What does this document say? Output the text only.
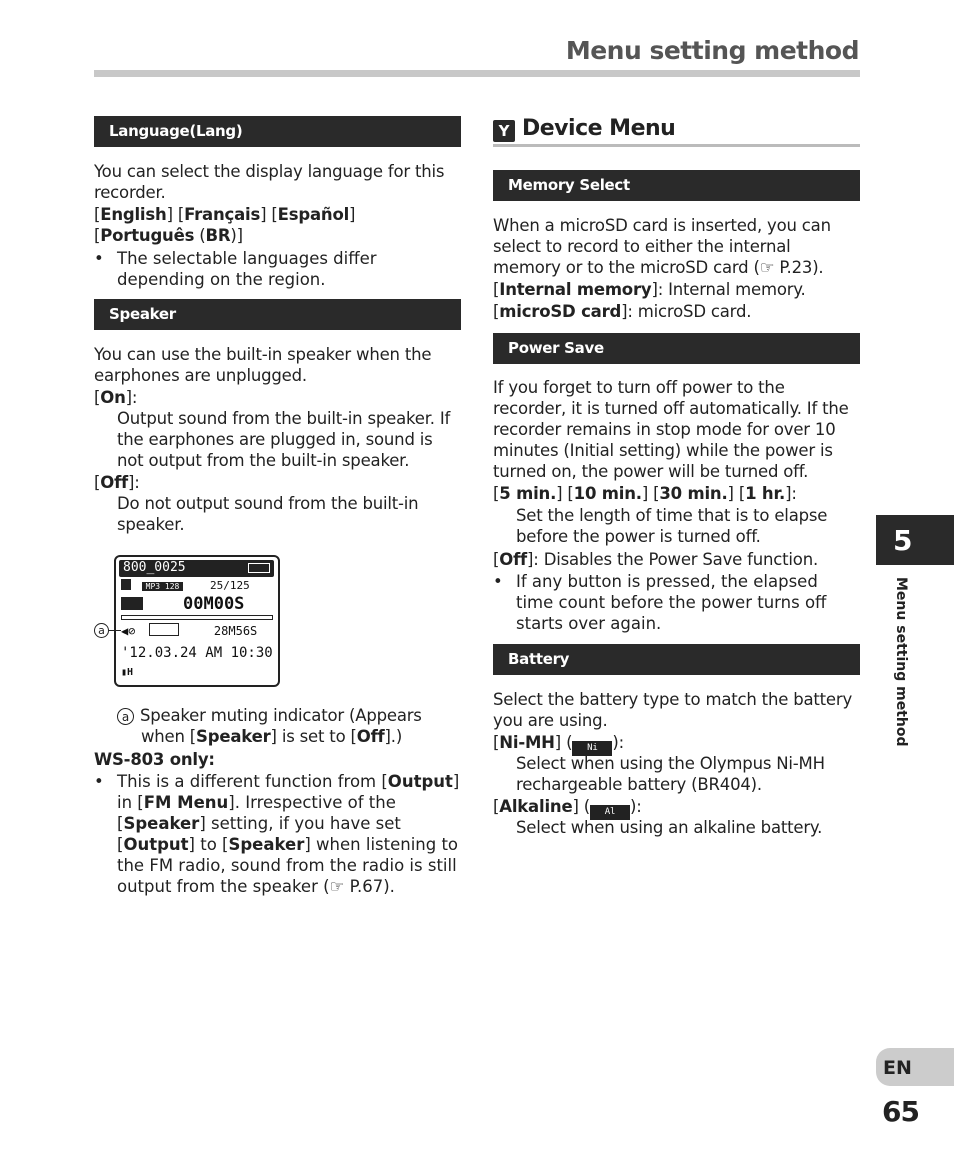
Menu setting method
Language(Lang)
You can select the display language for this recorder.
[English] [Français] [Español]
[Português (BR)]
• The selectable languages differ depending on the region.
Speaker
You can use the built-in speaker when the earphones are unplugged.
[On]:
Output sound from the built-in speaker. If the earphones are plugged in, sound is not output from the built-in speaker.
[Off]:
Do not output sound from the built-in speaker.
800_0025
MP3 128	25/125
00M00S
◀⊘	28M56S
'12.03.24 AM 10:30
▮H
a
a Speaker muting indicator (Appears when [Speaker] is set to [Off].)
WS-803 only:
• This is a different function from [Output] in [FM Menu]. Irrespective of the [Speaker] setting, if you have set [Output] to [Speaker] when listening to the FM radio, sound from the radio is still output from the speaker (☞ P.67).
Y Device Menu
Memory Select
When a microSD card is inserted, you can select to record to either the internal memory or to the microSD card (☞ P.23).
[Internal memory]: Internal memory.
[microSD card]: microSD card.
Power Save
If you forget to turn off power to the recorder, it is turned off automatically. If the recorder remains in stop mode for over 10 minutes (Initial setting) while the power is turned on, the power will be turned off.
[5 min.] [10 min.] [30 min.] [1 hr.]:
Set the length of time that is to elapse before the power is turned off.
[Off]: Disables the Power Save function.
• If any button is pressed, the elapsed time count before the power turns off starts over again.
Battery
Select the battery type to match the battery you are using.
[Ni-MH] ( Ni ):
Select when using the Olympus Ni-MH rechargeable battery (BR404).
[Alkaline] ( Al ):
Select when using an alkaline battery.
5
Menu setting method
EN
65
